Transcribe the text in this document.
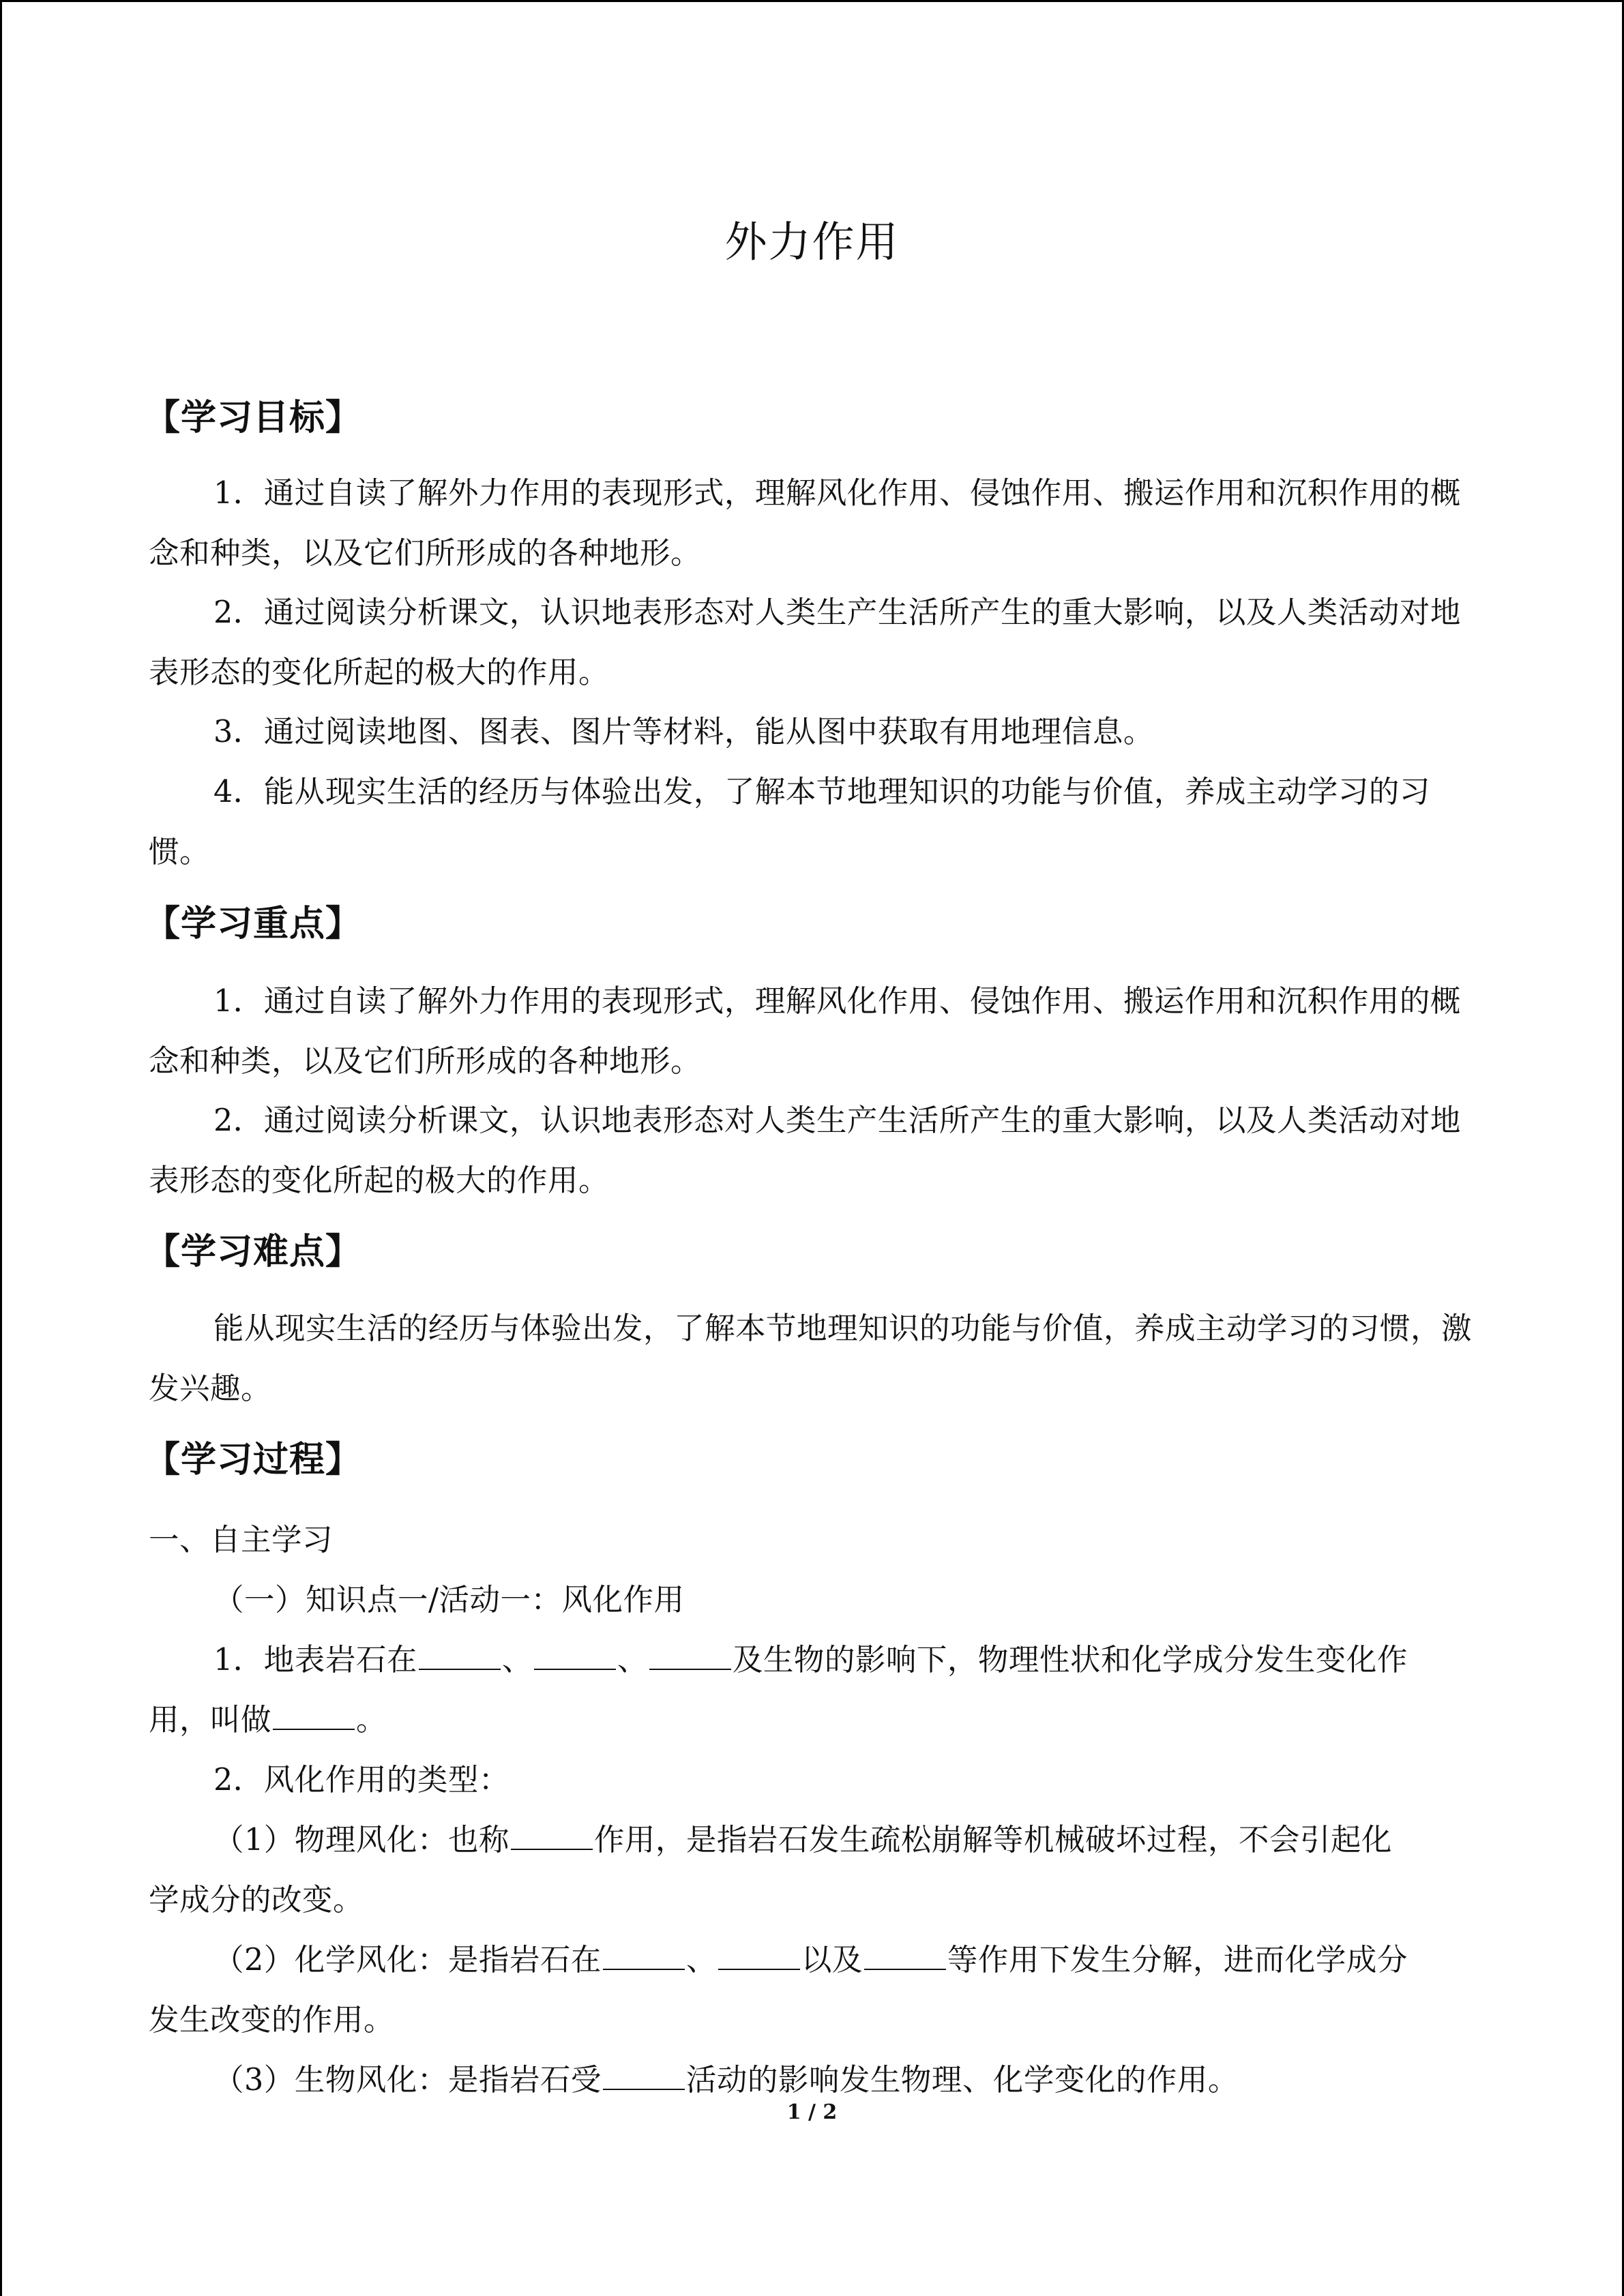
外力作用
【学习目标】

1．通过自读了解外力作用的表现形式，理解风化作用、侵蚀作用、搬运作用和沉积作用的概念和种类，以及它们所形成的各种地形。

2．通过阅读分析课文，认识地表形态对人类生产生活所产生的重大影响，以及人类活动对地表形态的变化所起的极大的作用。

3．通过阅读地图、图表、图片等材料，能从图中获取有用地理信息。

4．能从现实生活的经历与体验出发，了解本节地理知识的功能与价值，养成主动学习的习惯。

【学习重点】

1．通过自读了解外力作用的表现形式，理解风化作用、侵蚀作用、搬运作用和沉积作用的概念和种类，以及它们所形成的各种地形。

2．通过阅读分析课文，认识地表形态对人类生产生活所产生的重大影响，以及人类活动对地表形态的变化所起的极大的作用。

【学习难点】

能从现实生活的经历与体验出发，了解本节地理知识的功能与价值，养成主动学习的习惯，激发兴趣。

【学习过程】
一、自主学习
（一）知识点一/活动一：风化作用
1．地表岩石在	、	、	及生物的影响下，物理性状和化学成分发生变化作
用，叫做	。
2．风化作用的类型：
（1）物理风化：也称	作用，是指岩石发生疏松崩解等机械破坏过程，不会引起化
学成分的改变。
（2）化学风化：是指岩石在	、	以及	等作用下发生分解，进而化学成分
发生改变的作用。
（3）生物风化：是指岩石受	活动的影响发生物理、化学变化的作用。
1 / 2
